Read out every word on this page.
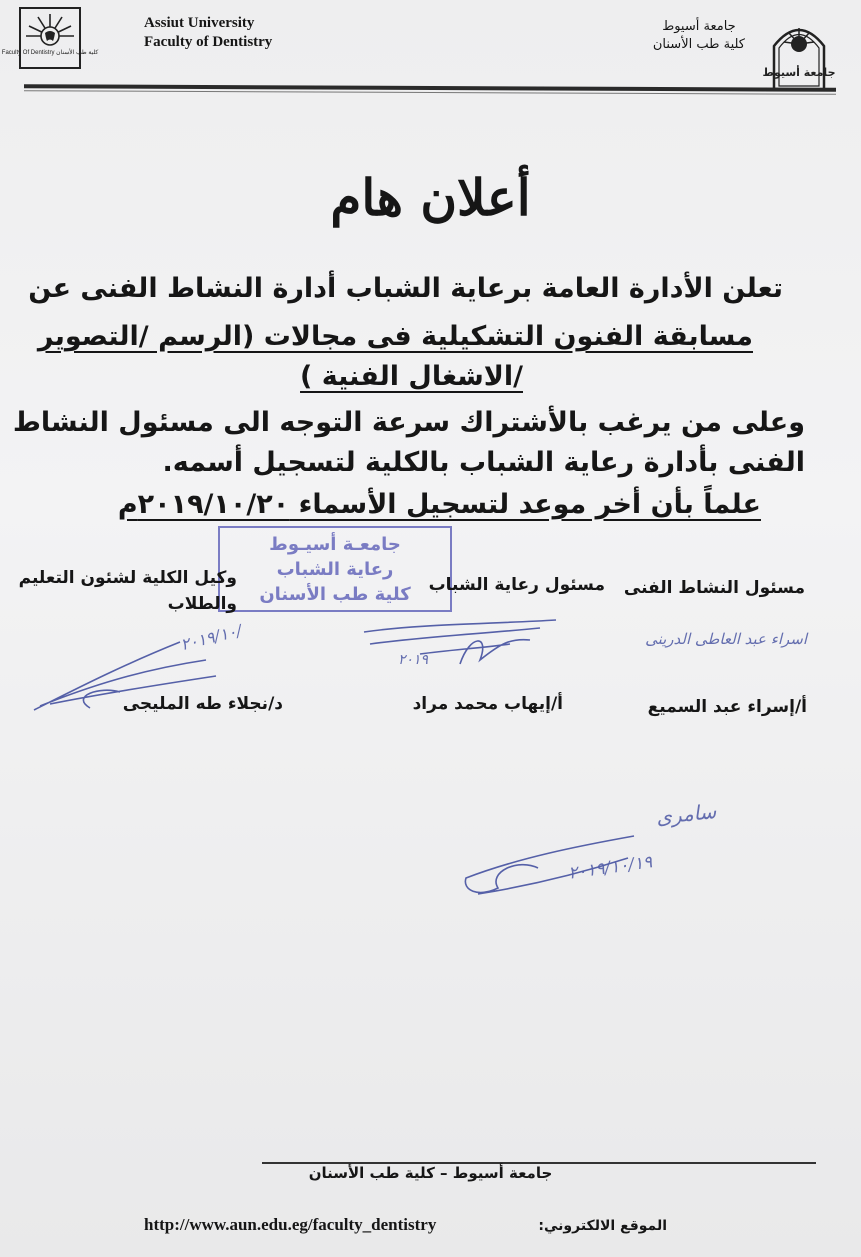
Faculty Of Dentistry كلية طب الأسنان
Assiut University
Faculty of Dentistry
جامعة أسيوط
كلية طب الأسنان
جامعة أسيوط
أعلان هام
تعلن الأدارة العامة برعاية الشباب أدارة النشاط الفنى عن
مسابقة الفنون التشكيلية فى مجالات (الرسم /التصوير
/الاشغال الفنية )
وعلى من يرغب بالأشتراك سرعة التوجه الى مسئول النشاط
الفنى بأدارة رعاية الشباب بالكلية لتسجيل أسمه.
علماً بأن أخر موعد لتسجيل الأسماء ٢٠١٩/١٠/٢٠م
جامعـة أسيـوط
رعاية الشباب
كلية طب الأسنان	مسئول النشاط الفنى
مسئول رعاية الشباب
وكيل الكلية لشئون التعليم
والطلاب
اسراء عبد العاطى الدرينى
٢٠١٩/١٠/
٢٠١٩
أ/إسراء عبد السميع
أ/إيهاب محمد مراد
د/نجلاء طه المليجى
سامرى
٢٠١٩/١٠/١٩
جامعة أسيوط – كلية طب الأسنان
http://www.aun.edu.eg/faculty_dentistry	الموقع الالكتروني:
